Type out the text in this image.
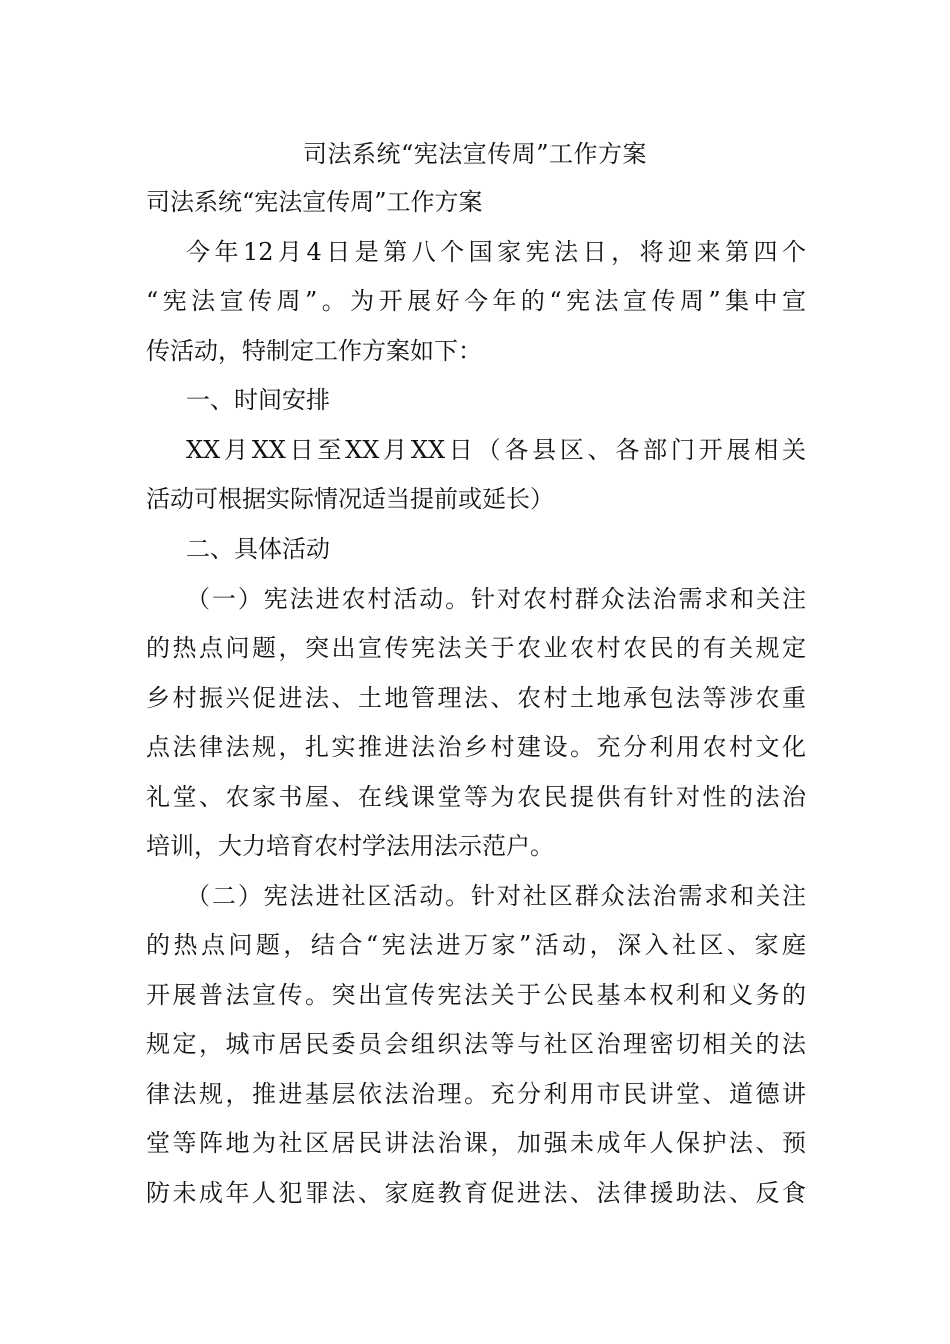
司法系统“宪法宣传周”工作方案
司法系统“宪法宣传周”工作方案
今年12月4日是第八个国家宪法日，将迎来第四个
“宪法宣传周”。为开展好今年的“宪法宣传周”集中宣
传活动，特制定工作方案如下：
一、时间安排
XX月XX日至XX月XX日（各县区、各部门开展相关
活动可根据实际情况适当提前或延长）
二、具体活动
（一）宪法进农村活动。针对农村群众法治需求和关注
的热点问题，突出宣传宪法关于农业农村农民的有关规定
乡村振兴促进法、土地管理法、农村土地承包法等涉农重
点法律法规，扎实推进法治乡村建设。充分利用农村文化
礼堂、农家书屋、在线课堂等为农民提供有针对性的法治
培训，大力培育农村学法用法示范户。
（二）宪法进社区活动。针对社区群众法治需求和关注
的热点问题，结合“宪法进万家”活动，深入社区、家庭
开展普法宣传。突出宣传宪法关于公民基本权利和义务的
规定，城市居民委员会组织法等与社区治理密切相关的法
律法规，推进基层依法治理。充分利用市民讲堂、道德讲
堂等阵地为社区居民讲法治课，加强未成年人保护法、预
防未成年人犯罪法、家庭教育促进法、法律援助法、反食
